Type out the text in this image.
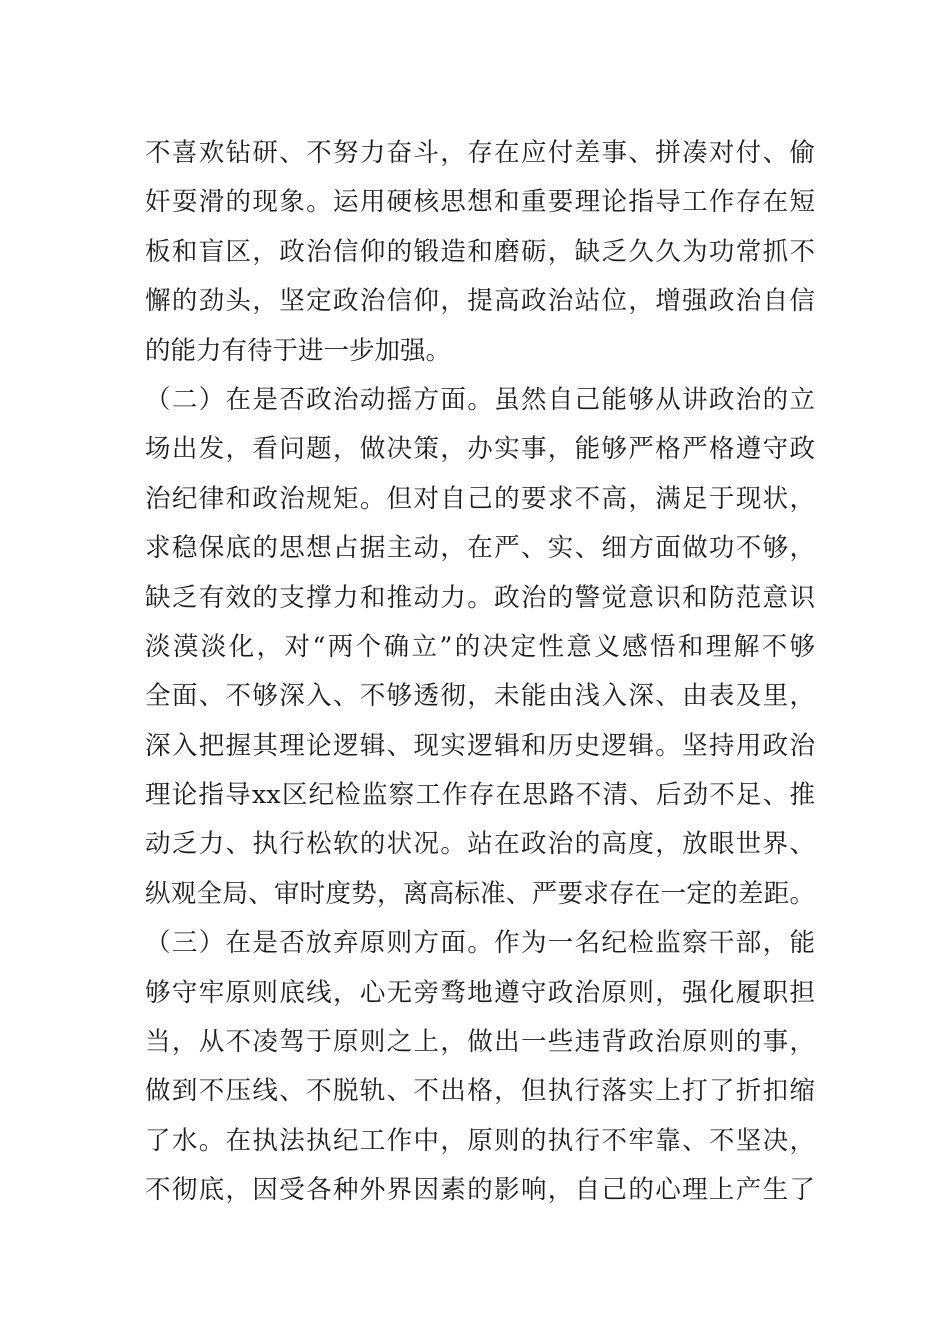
不喜欢钻研、不努力奋斗，存在应付差事、拼凑对付、偷
奸耍滑的现象。运用硬核思想和重要理论指导工作存在短
板和盲区，政治信仰的锻造和磨砺，缺乏久久为功常抓不
懈的劲头，坚定政治信仰，提高政治站位，增强政治自信
的能力有待于进一步加强。
（二）在是否政治动摇方面。虽然自己能够从讲政治的立
场出发，看问题，做决策，办实事，能够严格严格遵守政
治纪律和政治规矩。但对自己的要求不高，满足于现状，
求稳保底的思想占据主动，在严、实、细方面做功不够，
缺乏有效的支撑力和推动力。政治的警觉意识和防范意识
淡漠淡化，对“两个确立”的决定性意义感悟和理解不够
全面、不够深入、不够透彻，未能由浅入深、由表及里，
深入把握其理论逻辑、现实逻辑和历史逻辑。坚持用政治
理论指导xx区纪检监察工作存在思路不清、后劲不足、推
动乏力、执行松软的状况。站在政治的高度，放眼世界、
纵观全局、审时度势，离高标准、严要求存在一定的差距。
（三）在是否放弃原则方面。作为一名纪检监察干部，能
够守牢原则底线，心无旁骛地遵守政治原则，强化履职担
当，从不凌驾于原则之上，做出一些违背政治原则的事，
做到不压线、不脱轨、不出格，但执行落实上打了折扣缩
了水。在执法执纪工作中，原则的执行不牢靠、不坚决，
不彻底，因受各种外界因素的影响，自己的心理上产生了
